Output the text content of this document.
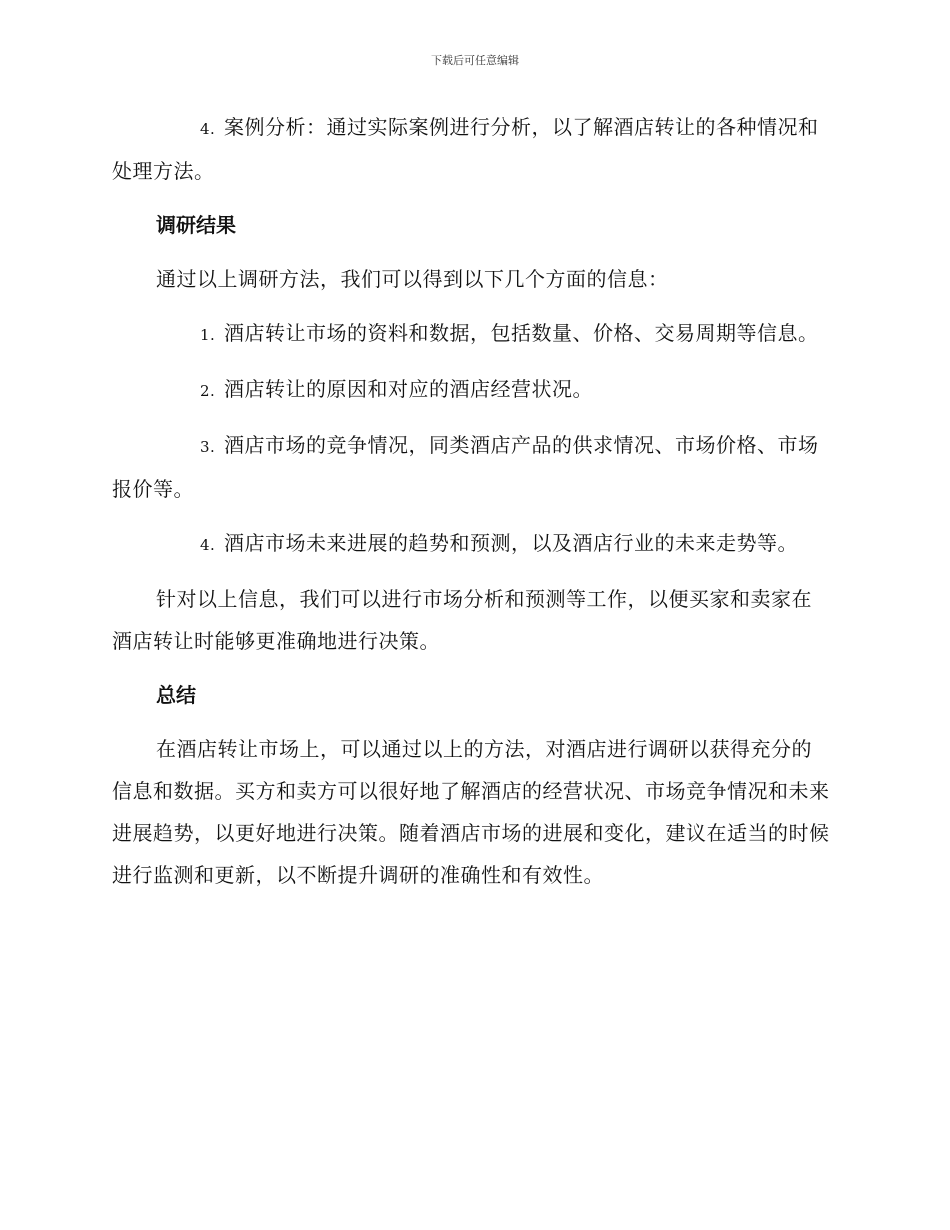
下载后可任意编辑

4. 案例分析：通过实际案例进行分析，以了解酒店转让的各种情况和处理方法。

调研结果

通过以上调研方法，我们可以得到以下几个方面的信息：

1. 酒店转让市场的资料和数据，包括数量、价格、交易周期等信息。

2. 酒店转让的原因和对应的酒店经营状况。

3. 酒店市场的竞争情况，同类酒店产品的供求情况、市场价格、市场报价等。

4. 酒店市场未来进展的趋势和预测，以及酒店行业的未来走势等。

针对以上信息，我们可以进行市场分析和预测等工作，以便买家和卖家在酒店转让时能够更准确地进行决策。

总结

在酒店转让市场上，可以通过以上的方法，对酒店进行调研以获得充分的信息和数据。买方和卖方可以很好地了解酒店的经营状况、市场竞争情况和未来进展趋势，以更好地进行决策。随着酒店市场的进展和变化，建议在适当的时候进行监测和更新，以不断提升调研的准确性和有效性。
